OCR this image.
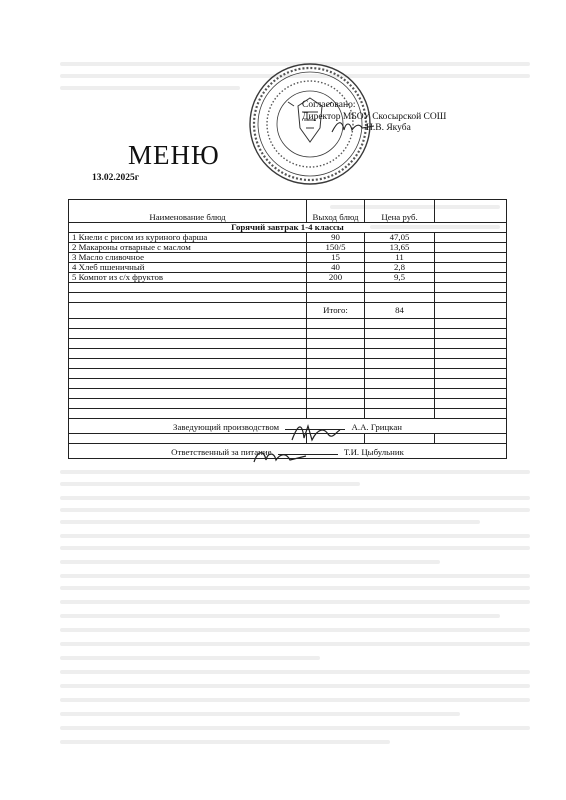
Согласовано:
Директор МБОУ Скосырской СОШ
Н.В. Якуба
МЕНЮ
13.02.2025г
Наименование блюд	Выход блюд	Цена руб.	
Горячий завтрак 1-4 классы			
1 Кнели с рисом из куриного фарша	90	47,05	
2 Макароны отварные с маслом	150/5	13,65	
3 Масло сливочное	15	11	
4 Хлеб пшеничный	40	2,8	
5 Компот из с/х фруктов	200	9,5	

	Итого:	84	

Заведующий производством А.А. Грицкан			

Ответственный за питание Т.И. Цыбульник			
